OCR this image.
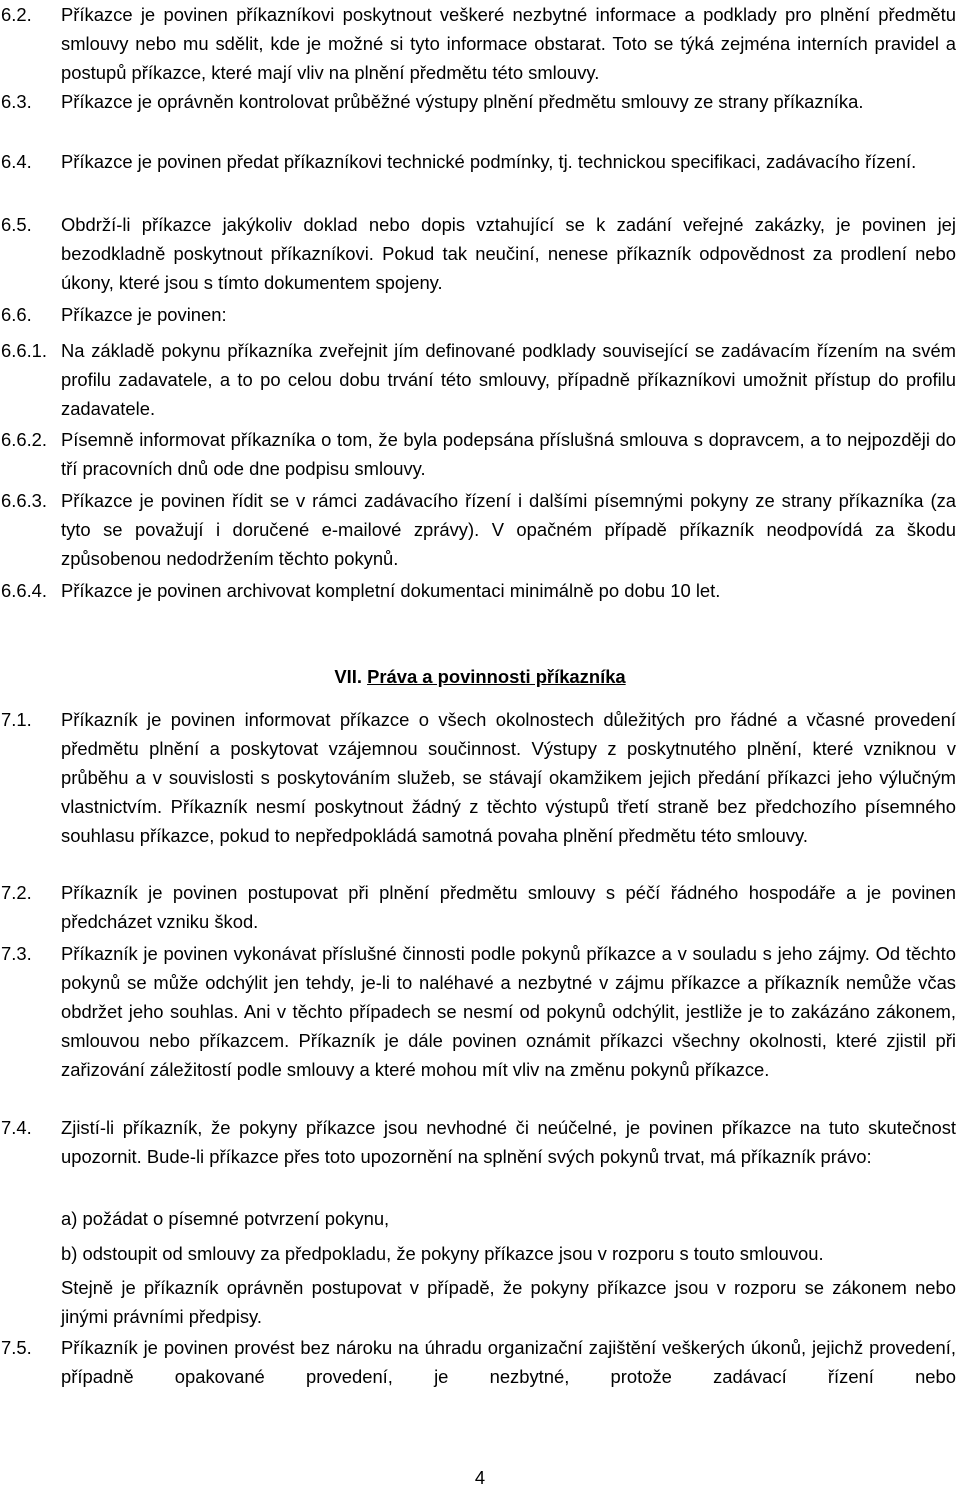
6.2. Příkazce je povinen příkazníkovi poskytnout veškeré nezbytné informace a podklady pro plnění předmětu smlouvy nebo mu sdělit, kde je možné si tyto informace obstarat. Toto se týká zejména interních pravidel a postupů příkazce, které mají vliv na plnění předmětu této smlouvy.
6.3. Příkazce je oprávněn kontrolovat průběžné výstupy plnění předmětu smlouvy ze strany příkazníka.
6.4. Příkazce je povinen předat příkazníkovi technické podmínky, tj. technickou specifikaci, zadávacího řízení.
6.5. Obdrží-li příkazce jakýkoliv doklad nebo dopis vztahující se k zadání veřejné zakázky, je povinen jej bezodkladně poskytnout příkazníkovi. Pokud tak neučiní, nenese příkazník odpovědnost za prodlení nebo úkony, které jsou s tímto dokumentem spojeny.
6.6. Příkazce je povinen:
6.6.1. Na základě pokynu příkazníka zveřejnit jím definované podklady související se zadávacím řízením na svém profilu zadavatele, a to po celou dobu trvání této smlouvy, případně příkazníkovi umožnit přístup do profilu zadavatele.
6.6.2. Písemně informovat příkazníka o tom, že byla podepsána příslušná smlouva s dopravcem, a to nejpozději do tří pracovních dnů ode dne podpisu smlouvy.
6.6.3. Příkazce je povinen řídit se v rámci zadávacího řízení i dalšími písemnými pokyny ze strany příkazníka (za tyto se považují i doručené e-mailové zprávy). V opačném případě příkazník neodpovídá za škodu způsobenou nedodržením těchto pokynů.
6.6.4. Příkazce je povinen archivovat kompletní dokumentaci minimálně po dobu 10 let.
VII. Práva a povinnosti příkazníka
7.1. Příkazník je povinen informovat příkazce o všech okolnostech důležitých pro řádné a včasné provedení předmětu plnění a poskytovat vzájemnou součinnost. Výstupy z poskytnutého plnění, které vzniknou v průběhu a v souvislosti s poskytováním služeb, se stávají okamžikem jejich předání příkazci jeho výlučným vlastnictvím. Příkazník nesmí poskytnout žádný z těchto výstupů třetí straně bez předchozího písemného souhlasu příkazce, pokud to nepředpokládá samotná povaha plnění předmětu této smlouvy.
7.2. Příkazník je povinen postupovat při plnění předmětu smlouvy s péčí řádného hospodáře a je povinen předcházet vzniku škod.
7.3. Příkazník je povinen vykonávat příslušné činnosti podle pokynů příkazce a v souladu s jeho zájmy. Od těchto pokynů se může odchýlit jen tehdy, je-li to naléhavé a nezbytné v zájmu příkazce a příkazník nemůže včas obdržet jeho souhlas. Ani v těchto případech se nesmí od pokynů odchýlit, jestliže je to zakázáno zákonem, smlouvou nebo příkazcem. Příkazník je dále povinen oznámit příkazci všechny okolnosti, které zjistil při zařizování záležitostí podle smlouvy a které mohou mít vliv na změnu pokynů příkazce.
7.4. Zjistí-li příkazník, že pokyny příkazce jsou nevhodné či neúčelné, je povinen příkazce na tuto skutečnost upozornit. Bude-li příkazce přes toto upozornění na splnění svých pokynů trvat, má příkazník právo:
a) požádat o písemné potvrzení pokynu,
b) odstoupit od smlouvy za předpokladu, že pokyny příkazce jsou v rozporu s touto smlouvou.
Stejně je příkazník oprávněn postupovat v případě, že pokyny příkazce jsou v rozporu se zákonem nebo jinými právními předpisy.
7.5. Příkazník je povinen provést bez nároku na úhradu organizační zajištění veškerých úkonů, jejichž provedení, případně opakované provedení, je nezbytné, protože zadávací řízení nebo
4
